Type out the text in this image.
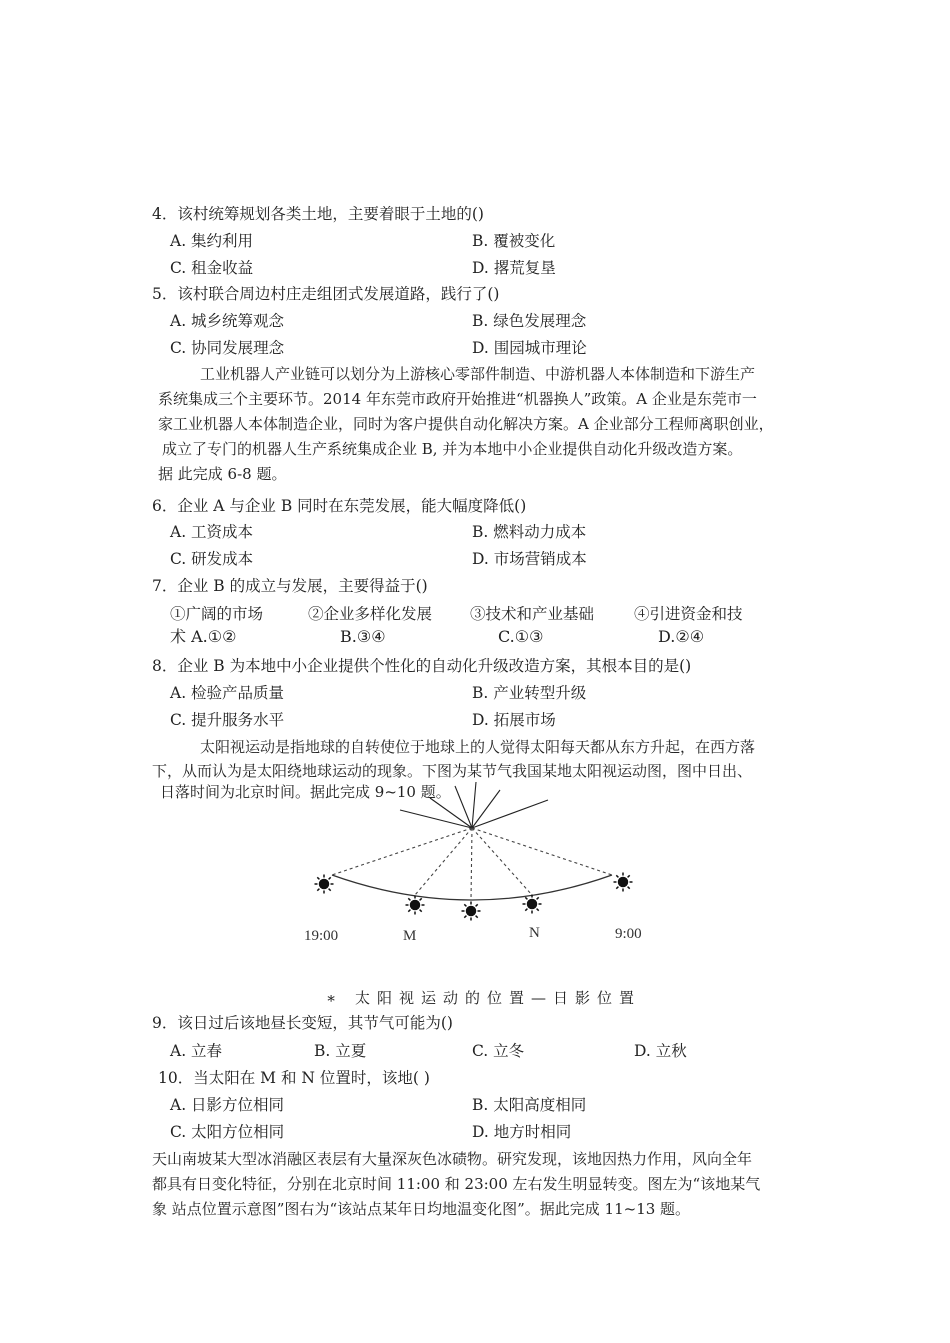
4．该村统筹规划各类土地，主要着眼于土地的()
A. 集约利用	B. 覆被变化
C. 租金收益	D. 撂荒复垦
5．该村联合周边村庄走组团式发展道路，践行了()
A. 城乡统筹观念	B. 绿色发展理念
C. 协同发展理念	D. 围园城市理论
工业机器人产业链可以划分为上游核心零部件制造、中游机器人本体制造和下游生产
系统集成三个主要环节。2014 年东莞市政府开始推进“机器换人”政策。A 企业是东莞市一
家工业机器人本体制造企业，同时为客户提供自动化解决方案。A 企业部分工程师离职创业，
成立了专门的机器人生产系统集成企业 B, 并为本地中小企业提供自动化升级改造方案。
据 此完成 6-8 题。
6．企业 A 与企业 B 同时在东莞发展，能大幅度降低()
A. 工资成本	B. 燃料动力成本
C. 研发成本	D. 市场营销成本
7．企业 B 的成立与发展，主要得益于()
①广阔的市场	②企业多样化发展 ③技术和产业基础	④引进资金和技
术 A.①②	B.③④	C.①③	D.②④
8．企业 B 为本地中小企业提供个性化的自动化升级改造方案，其根本目的是()
A. 检验产品质量	B. 产业转型升级
C. 提升服务水平	D. 拓展市场
太阳视运动是指地球的自转使位于地球上的人觉得太阳每天都从东方升起，在西方落
下，从而认为是太阳绕地球运动的现象。下图为某节气我国某地太阳视运动图，图中日出、
日落时间为北京时间。据此完成 9~10 题。
19:00	M	N	9:00
∗ 太阳视运动的位置—日影位置
9．该日过后该地昼长变短，其节气可能为()
A. 立春	B. 立夏	C. 立冬	D. 立秋
10．当太阳在 M 和 N 位置时，该地( )
A. 日影方位相同	B. 太阳高度相同
C. 太阳方位相同	D. 地方时相同
天山南坡某大型冰消融区表层有大量深灰色冰碛物。研究发现，该地因热力作用，风向全年
都具有日变化特征，分别在北京时间 11:00 和 23:00 左右发生明显转变。图左为“该地某气
象 站点位置示意图”图右为“该站点某年日均地温变化图”。据此完成 11~13 题。
